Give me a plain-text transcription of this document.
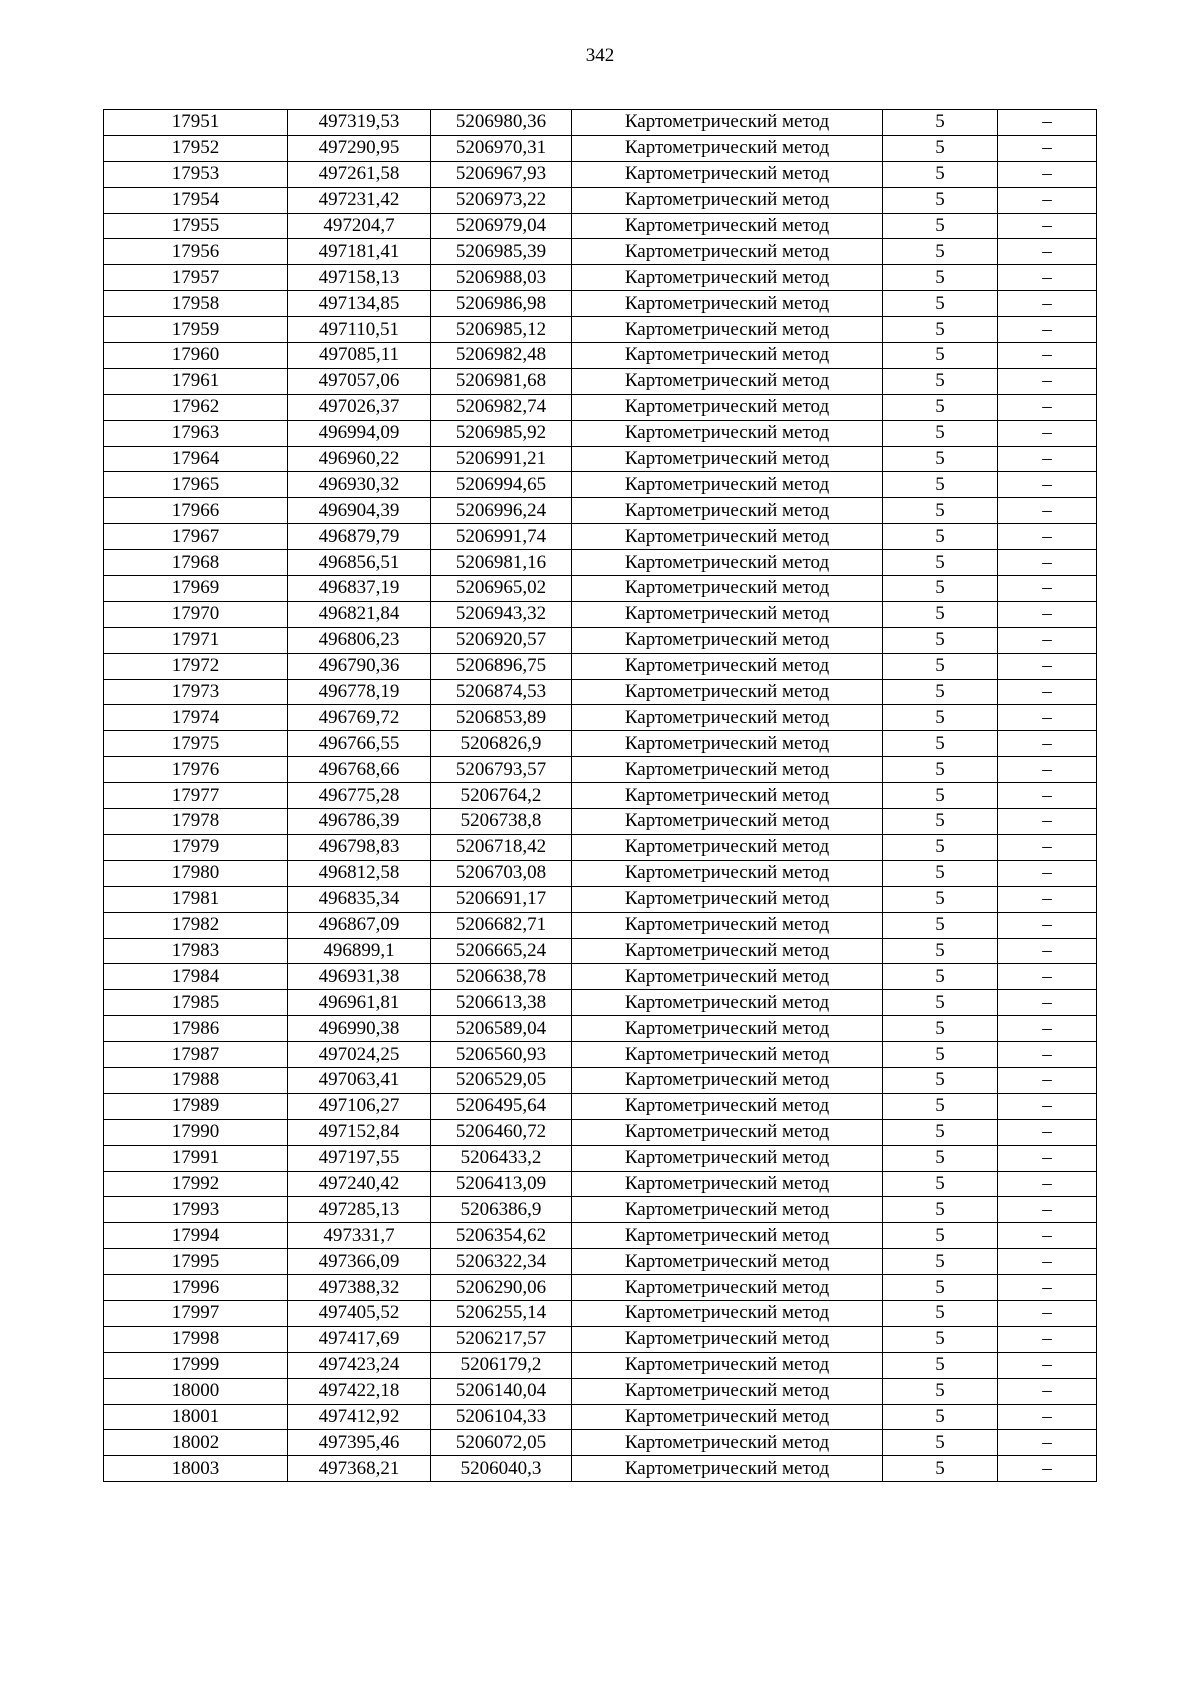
342
17951	497319,53	5206980,36	Картометрический метод	5	–
17952	497290,95	5206970,31	Картометрический метод	5	–
17953	497261,58	5206967,93	Картометрический метод	5	–
17954	497231,42	5206973,22	Картометрический метод	5	–
17955	497204,7	5206979,04	Картометрический метод	5	–
17956	497181,41	5206985,39	Картометрический метод	5	–
17957	497158,13	5206988,03	Картометрический метод	5	–
17958	497134,85	5206986,98	Картометрический метод	5	–
17959	497110,51	5206985,12	Картометрический метод	5	–
17960	497085,11	5206982,48	Картометрический метод	5	–
17961	497057,06	5206981,68	Картометрический метод	5	–
17962	497026,37	5206982,74	Картометрический метод	5	–
17963	496994,09	5206985,92	Картометрический метод	5	–
17964	496960,22	5206991,21	Картометрический метод	5	–
17965	496930,32	5206994,65	Картометрический метод	5	–
17966	496904,39	5206996,24	Картометрический метод	5	–
17967	496879,79	5206991,74	Картометрический метод	5	–
17968	496856,51	5206981,16	Картометрический метод	5	–
17969	496837,19	5206965,02	Картометрический метод	5	–
17970	496821,84	5206943,32	Картометрический метод	5	–
17971	496806,23	5206920,57	Картометрический метод	5	–
17972	496790,36	5206896,75	Картометрический метод	5	–
17973	496778,19	5206874,53	Картометрический метод	5	–
17974	496769,72	5206853,89	Картометрический метод	5	–
17975	496766,55	5206826,9	Картометрический метод	5	–
17976	496768,66	5206793,57	Картометрический метод	5	–
17977	496775,28	5206764,2	Картометрический метод	5	–
17978	496786,39	5206738,8	Картометрический метод	5	–
17979	496798,83	5206718,42	Картометрический метод	5	–
17980	496812,58	5206703,08	Картометрический метод	5	–
17981	496835,34	5206691,17	Картометрический метод	5	–
17982	496867,09	5206682,71	Картометрический метод	5	–
17983	496899,1	5206665,24	Картометрический метод	5	–
17984	496931,38	5206638,78	Картометрический метод	5	–
17985	496961,81	5206613,38	Картометрический метод	5	–
17986	496990,38	5206589,04	Картометрический метод	5	–
17987	497024,25	5206560,93	Картометрический метод	5	–
17988	497063,41	5206529,05	Картометрический метод	5	–
17989	497106,27	5206495,64	Картометрический метод	5	–
17990	497152,84	5206460,72	Картометрический метод	5	–
17991	497197,55	5206433,2	Картометрический метод	5	–
17992	497240,42	5206413,09	Картометрический метод	5	–
17993	497285,13	5206386,9	Картометрический метод	5	–
17994	497331,7	5206354,62	Картометрический метод	5	–
17995	497366,09	5206322,34	Картометрический метод	5	–
17996	497388,32	5206290,06	Картометрический метод	5	–
17997	497405,52	5206255,14	Картометрический метод	5	–
17998	497417,69	5206217,57	Картометрический метод	5	–
17999	497423,24	5206179,2	Картометрический метод	5	–
18000	497422,18	5206140,04	Картометрический метод	5	–
18001	497412,92	5206104,33	Картометрический метод	5	–
18002	497395,46	5206072,05	Картометрический метод	5	–
18003	497368,21	5206040,3	Картометрический метод	5	–
